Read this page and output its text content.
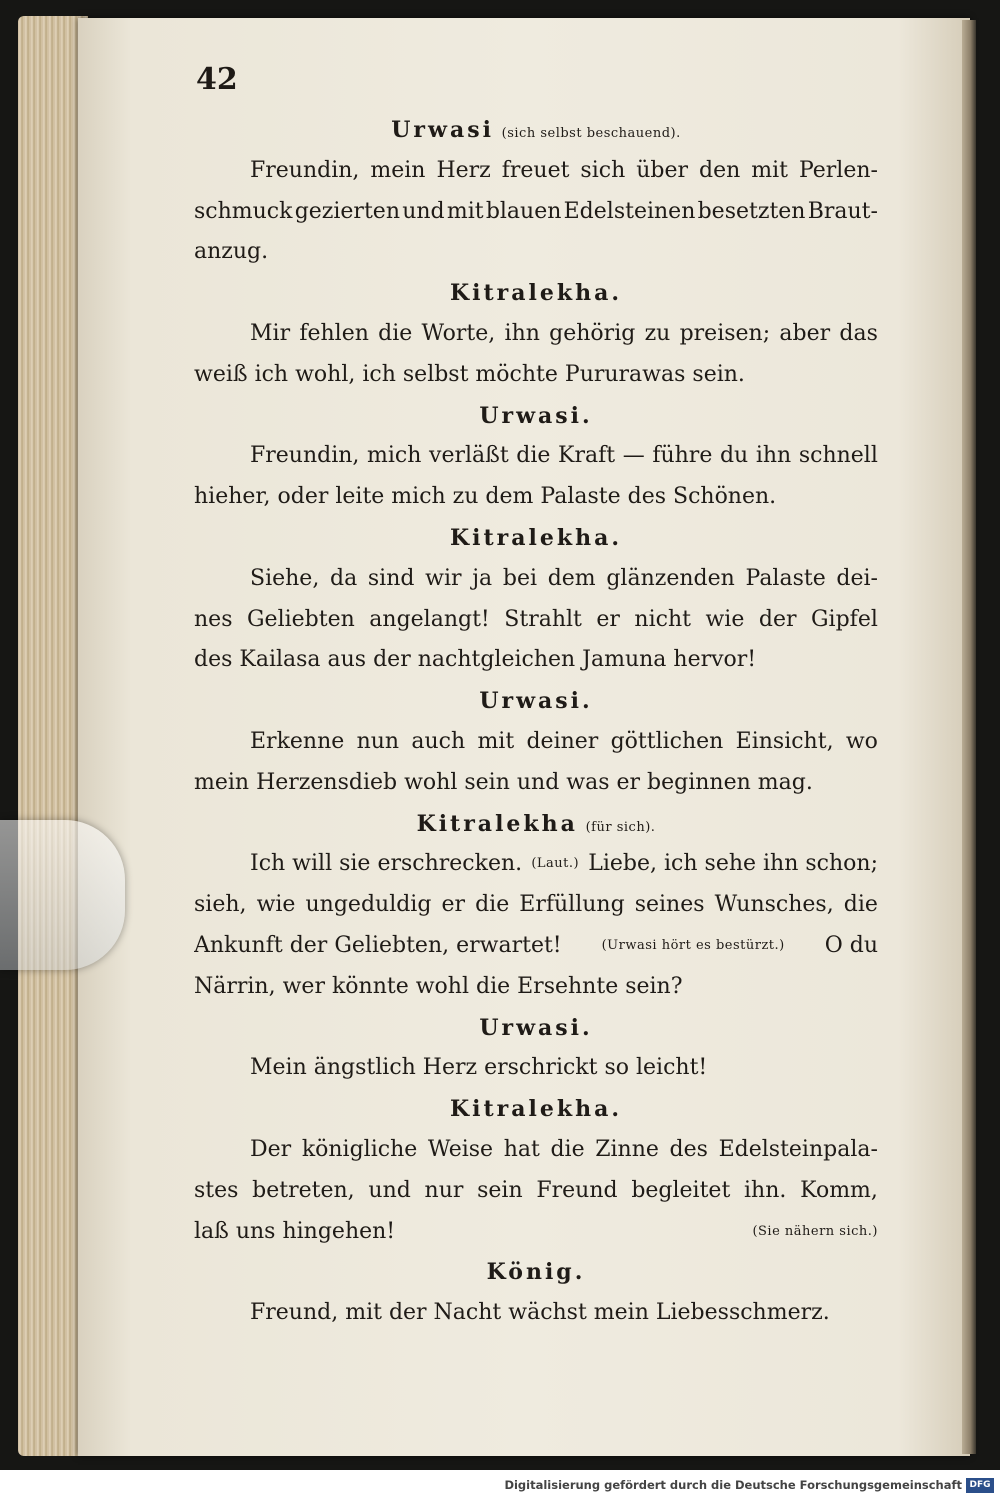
42
Urwasi (sich selbst beschauend).
Freundin, mein Herz freuet sich über den mit Perlen-
schmuck gezierten und mit blauen Edelsteinen besetzten Braut-
anzug.
Kitralekha.
Mir fehlen die Worte, ihn gehörig zu preisen; aber das
weiß ich wohl, ich selbst möchte Pururawas sein.
Urwasi.
Freundin, mich verläßt die Kraft — führe du ihn schnell
hieher, oder leite mich zu dem Palaste des Schönen.
Kitralekha.
Siehe, da sind wir ja bei dem glänzenden Palaste dei-
nes Geliebten angelangt! Strahlt er nicht wie der Gipfel
des Kailasa aus der nachtgleichen Jamuna hervor!
Urwasi.
Erkenne nun auch mit deiner göttlichen Einsicht, wo
mein Herzensdieb wohl sein und was er beginnen mag.
Kitralekha (für sich).
Ich will sie erschrecken. (Laut.) Liebe, ich sehe ihn schon;
sieh, wie ungeduldig er die Erfüllung seines Wunsches, die
Ankunft der Geliebten, erwartet!	(Urwasi hört es bestürzt.) O du
Närrin, wer könnte wohl die Ersehnte sein?
Urwasi.
Mein ängstlich Herz erschrickt so leicht!
Kitralekha.
Der königliche Weise hat die Zinne des Edelsteinpala-
stes betreten, und nur sein Freund begleitet ihn. Komm,
laß uns hingehen!	(Sie nähern sich.)
König.
Freund, mit der Nacht wächst mein Liebesschmerz.
Digitalisierung gefördert durch die Deutsche Forschungsgemeinschaft DFG
